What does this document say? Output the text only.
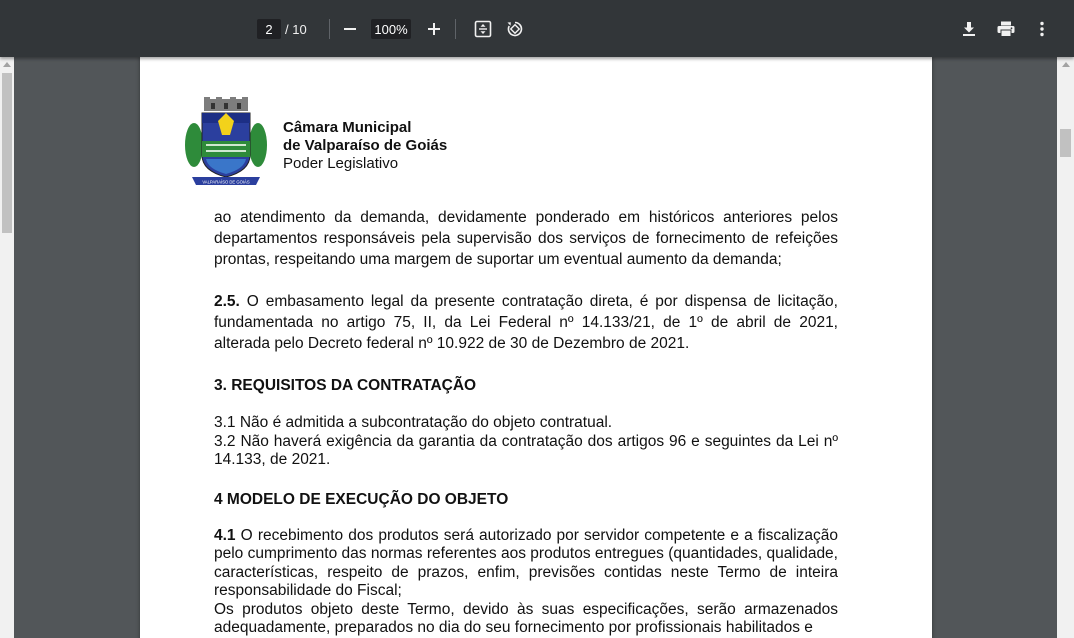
2 / 10	100%
VALPARAÍSO DE GOIÁS
Câmara Municipal
de Valparaíso de Goiás
Poder Legislativo

ao atendimento da demanda, devidamente ponderado em históricos anteriores pelos departamentos responsáveis pela supervisão dos serviços de fornecimento de refeições prontas, respeitando uma margem de suportar um eventual aumento da demanda;

2.5. O embasamento legal da presente contratação direta, é por dispensa de licitação, fundamentada no artigo 75, II, da Lei Federal nº 14.133/21, de 1º de abril de 2021, alterada pelo Decreto federal nº 10.922 de 30 de Dezembro de 2021.

3. REQUISITOS DA CONTRATAÇÃO

3.1 Não é admitida a subcontratação do objeto contratual.

3.2 Não haverá exigência da garantia da contratação dos artigos 96 e seguintes da Lei nº 14.133, de 2021.

4 MODELO DE EXECUÇÃO DO OBJETO

4.1 O recebimento dos produtos será autorizado por servidor competente e a fiscalização pelo cumprimento das normas referentes aos produtos entregues (quantidades, qualidade, características, respeito de prazos, enfim, previsões contidas neste Termo de inteira responsabilidade do Fiscal;

Os produtos objeto deste Termo, devido às suas especificações, serão armazenados adequadamente, preparados no dia do seu fornecimento por profissionais habilitados e
